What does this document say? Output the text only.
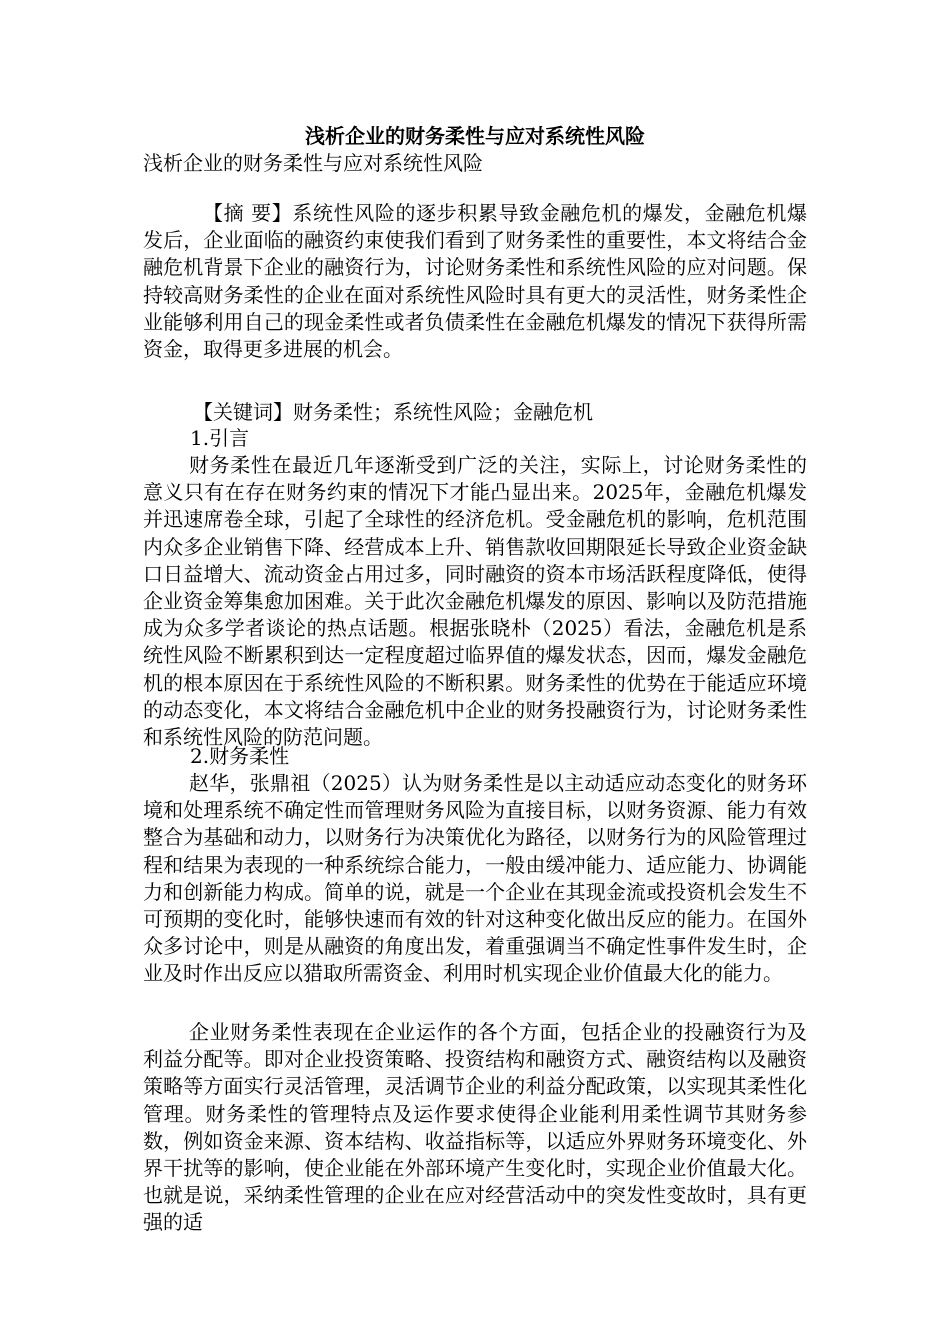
浅析企业的财务柔性与应对系统性风险

浅析企业的财务柔性与应对系统性风险

【摘 要】系统性风险的逐步积累导致金融危机的爆发，金融危机爆发后，企业面临的融资约束使我们看到了财务柔性的重要性，本文将结合金融危机背景下企业的融资行为，讨论财务柔性和系统性风险的应对问题。保持较高财务柔性的企业在面对系统性风险时具有更大的灵活性，财务柔性企业能够利用自己的现金柔性或者负债柔性在金融危机爆发的情况下获得所需资金，取得更多进展的机会。

【关键词】财务柔性；系统性风险；金融危机

1.引言

财务柔性在最近几年逐渐受到广泛的关注，实际上，讨论财务柔性的意义只有在存在财务约束的情况下才能凸显出来。2025年，金融危机爆发并迅速席卷全球，引起了全球性的经济危机。受金融危机的影响，危机范围内众多企业销售下降、经营成本上升、销售款收回期限延长导致企业资金缺口日益增大、流动资金占用过多，同时融资的资本市场活跃程度降低，使得企业资金筹集愈加困难。关于此次金融危机爆发的原因、影响以及防范措施成为众多学者谈论的热点话题。根据张晓朴（2025）看法，金融危机是系统性风险不断累积到达一定程度超过临界值的爆发状态，因而，爆发金融危机的根本原因在于系统性风险的不断积累。财务柔性的优势在于能适应环境的动态变化，本文将结合金融危机中企业的财务投融资行为，讨论财务柔性和系统性风险的防范问题。

2.财务柔性

赵华，张鼎祖（2025）认为财务柔性是以主动适应动态变化的财务环境和处理系统不确定性而管理财务风险为直接目标，以财务资源、能力有效整合为基础和动力，以财务行为决策优化为路径，以财务行为的风险管理过程和结果为表现的一种系统综合能力，一般由缓冲能力、适应能力、协调能力和创新能力构成。简单的说，就是一个企业在其现金流或投资机会发生不可预期的变化时，能够快速而有效的针对这种变化做出反应的能力。在国外众多讨论中，则是从融资的角度出发，着重强调当不确定性事件发生时，企业及时作出反应以猎取所需资金、利用时机实现企业价值最大化的能力。

企业财务柔性表现在企业运作的各个方面，包括企业的投融资行为及利益分配等。即对企业投资策略、投资结构和融资方式、融资结构以及融资策略等方面实行灵活管理，灵活调节企业的利益分配政策，以实现其柔性化管理。财务柔性的管理特点及运作要求使得企业能利用柔性调节其财务参数，例如资金来源、资本结构、收益指标等，以适应外界财务环境变化、外界干扰等的影响，使企业能在外部环境产生变化时，实现企业价值最大化。也就是说，采纳柔性管理的企业在应对经营活动中的突发性变故时，具有更强的适
